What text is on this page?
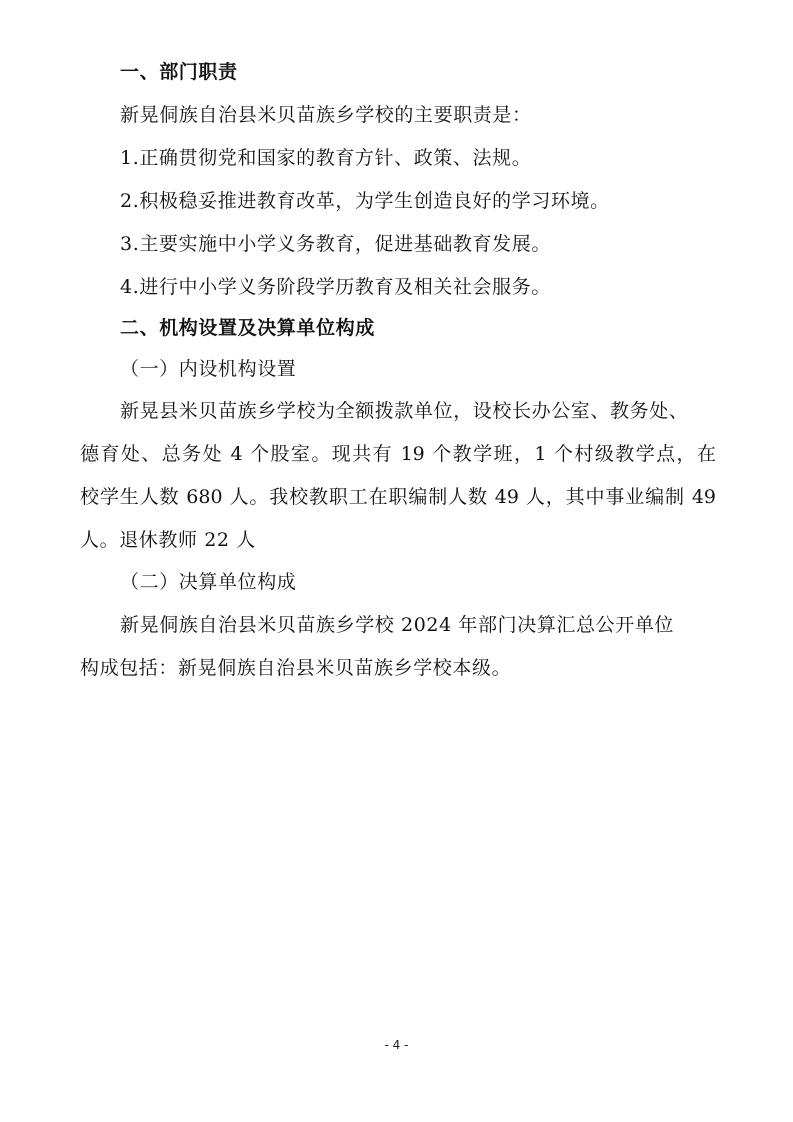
一、部门职责
新晃侗族自治县米贝苗族乡学校的主要职责是：
1.正确贯彻党和国家的教育方针、政策、法规。
2.积极稳妥推进教育改革，为学生创造良好的学习环境。
3.主要实施中小学义务教育，促进基础教育发展。
4.进行中小学义务阶段学历教育及相关社会服务。
二、机构设置及决算单位构成
（一）内设机构设置
新晃县米贝苗族乡学校为全额拨款单位，设校长办公室、教务处、
德育处、总务处 4 个股室。现共有 19 个教学班，1 个村级教学点，在
校学生人数 680 人。我校教职工在职编制人数 49 人，其中事业编制 49
人。退休教师 22 人
（二）决算单位构成
新晃侗族自治县米贝苗族乡学校 2024 年部门决算汇总公开单位
构成包括：新晃侗族自治县米贝苗族乡学校本级。
- 4 -
